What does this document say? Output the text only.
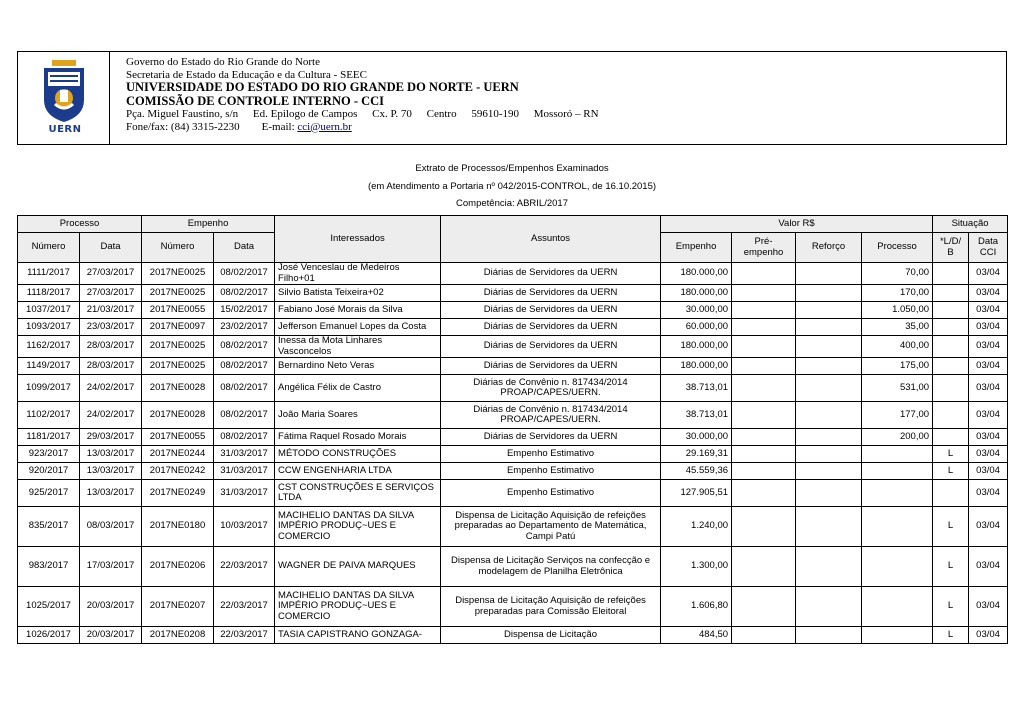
UERN
Governo do Estado do Rio Grande do Norte
Secretaria de Estado da Educação e da Cultura - SEEC
UNIVERSIDADE DO ESTADO DO RIO GRANDE DO NORTE - UERN
COMISSÃO DE CONTROLE INTERNO - CCI
Pça. Miguel Faustino, s/n Ed. Epilogo de Campos Cx. P. 70 Centro 59610-190 Mossoró – RN
Fone/fax: (84) 3315-2230 E-mail: cci@uern.br
Extrato de Processos/Empenhos Examinados
(em Atendimento a Portaria nº 042/2015-CONTROL, de 16.10.2015)
Competência: ABRIL/2017
Processo		Empenho		Interessados	Assuntos	Valor R$				Situação	
Número	Data	Número	Data			Empenho	Pré-empenho	Reforço	Processo	*L/D/ B	Data CCI
1111/2017	27/03/2017	2017NE0025	08/02/2017	José Venceslau de Medeiros Filho+01	Diárias de Servidores da UERN	180.000,00			70,00		03/04
1118/2017	27/03/2017	2017NE0025	08/02/2017	Silvio Batista Teixeira+02	Diárias de Servidores da UERN	180.000,00			170,00		03/04
1037/2017	21/03/2017	2017NE0055	15/02/2017	Fabiano José Morais da Silva	Diárias de Servidores da UERN	30.000,00			1.050,00		03/04
1093/2017	23/03/2017	2017NE0097	23/02/2017	Jefferson Emanuel Lopes da Costa	Diárias de Servidores da UERN	60.000,00			35,00		03/04
1162/2017	28/03/2017	2017NE0025	08/02/2017	Inessa da Mota Linhares Vasconcelos	Diárias de Servidores da UERN	180.000,00			400,00		03/04
1149/2017	28/03/2017	2017NE0025	08/02/2017	Bernardino Neto Veras	Diárias de Servidores da UERN	180.000,00			175,00		03/04
1099/2017	24/02/2017	2017NE0028	08/02/2017	Angélica Félix de Castro	Diárias de Convênio n. 817434/2014 PROAP/CAPES/UERN.	38.713,01			531,00		03/04
1102/2017	24/02/2017	2017NE0028	08/02/2017	João Maria Soares	Diárias de Convênio n. 817434/2014 PROAP/CAPES/UERN.	38.713,01			177,00		03/04
1181/2017	29/03/2017	2017NE0055	08/02/2017	Fátima Raquel Rosado Morais	Diárias de Servidores da UERN	30.000,00			200,00		03/04
923/2017	13/03/2017	2017NE0244	31/03/2017	MÉTODO CONSTRUÇÕES	Empenho Estimativo	29.169,31				L	03/04
920/2017	13/03/2017	2017NE0242	31/03/2017	CCW ENGENHARIA LTDA	Empenho Estimativo	45.559,36				L	03/04
925/2017	13/03/2017	2017NE0249	31/03/2017	CST CONSTRUÇÕES E SERVIÇOS LTDA	Empenho Estimativo	127.905,51					03/04
835/2017	08/03/2017	2017NE0180	10/03/2017	MACIHELIO DANTAS DA SILVA IMPÉRIO PRODUÇ~UES E COMERCIO	Dispensa de Licitação Aquisição de refeições preparadas ao Departamento de Matemática, Campi Patú	1.240,00				L	03/04
983/2017	17/03/2017	2017NE0206	22/03/2017	WAGNER DE PAIVA MARQUES	Dispensa de Licitação Serviços na confecção e modelagem de Planilha Eletrônica	1.300,00				L	03/04
1025/2017	20/03/2017	2017NE0207	22/03/2017	MACIHELIO DANTAS DA SILVA IMPÉRIO PRODUÇ~UES E COMERCIO	Dispensa de Licitação Aquisição de refeições preparadas para Comissão Eleitoral	1.606,80				L	03/04
1026/2017	20/03/2017	2017NE0208	22/03/2017	TASIA CAPISTRANO GONZAGA-	Dispensa de Licitação	484,50				L	03/04
